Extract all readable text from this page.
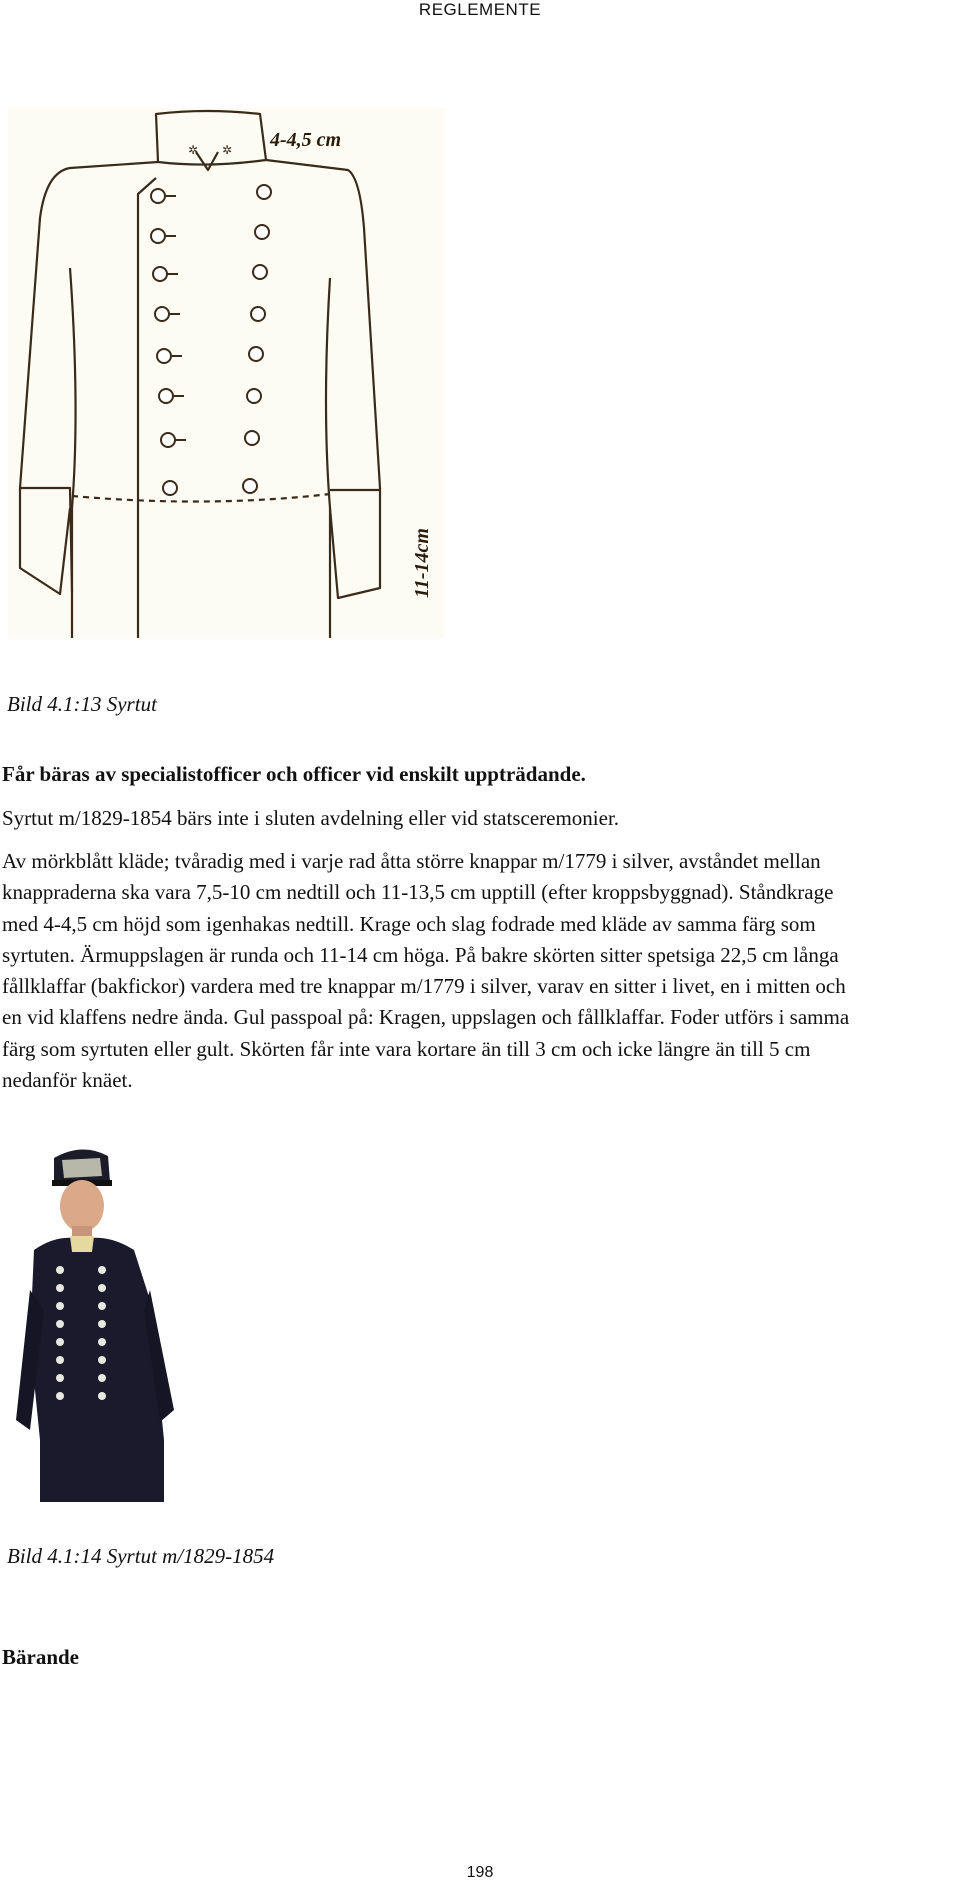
REGLEMENTE
✲ ✲ 4-4,5 cm
11-14cm
Bild 4.1:13 Syrtut
Får bäras av specialistofficer och officer vid enskilt uppträdande.
Syrtut m/1829-1854 bärs inte i sluten avdelning eller vid statsceremonier.
Av mörkblått kläde; tvåradig med i varje rad åtta större knappar m/1779 i silver, avståndet mellan
knappraderna ska vara 7,5-10 cm nedtill och 11-13,5 cm upptill (efter kroppsbyggnad). Ståndkrage
med 4-4,5 cm höjd som igenhakas nedtill. Krage och slag fodrade med kläde av samma färg som
syrtuten. Ärmuppslagen är runda och 11-14 cm höga. På bakre skörten sitter spetsiga 22,5 cm långa
fållklaffar (bakfickor) vardera med tre knappar m/1779 i silver, varav en sitter i livet, en i mitten och
en vid klaffens nedre ända. Gul passpoal på: Kragen, uppslagen och fållklaffar. Foder utförs i samma
färg som syrtuten eller gult. Skörten får inte vara kortare än till 3 cm och icke längre än till 5 cm
nedanför knäet.
Bild 4.1:14 Syrtut m/1829-1854
Bärande
198
